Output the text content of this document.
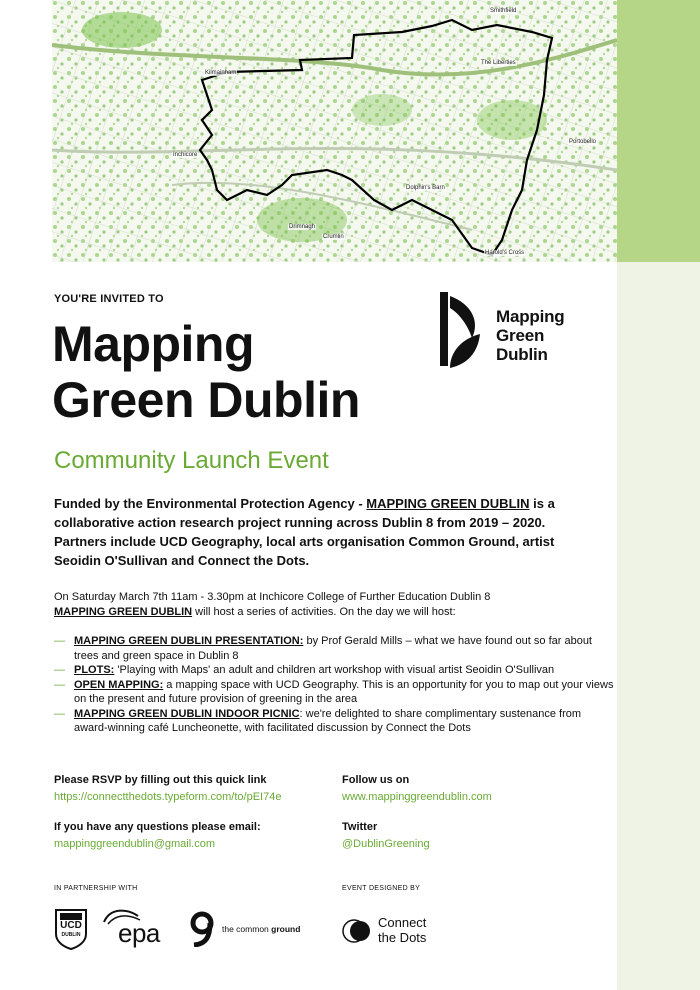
Smithfield
The Liberties
Kilmainham
Inchicore
Portobello
Dolphin's Barn
Drimnagh
Crumlin
Harold's Cross
YOU'RE INVITED TO
Mapping
Green Dublin
Community Launch Event
Mapping
Green
Dublin
Funded by the Environmental Protection Agency - MAPPING GREEN DUBLIN is a collaborative action research project running across Dublin 8 from 2019 – 2020. Partners include UCD Geography, local arts organisation Common Ground, artist Seoidin O'Sullivan and Connect the Dots.
On Saturday March 7th 11am - 3.30pm at Inchicore College of Further Education Dublin 8
MAPPING GREEN DUBLIN will host a series of activities. On the day we will host:
— MAPPING GREEN DUBLIN PRESENTATION: by Prof Gerald Mills – what we have found out so far about trees and green space in Dublin 8
— PLOTS: 'Playing with Maps' an adult and children art workshop with visual artist Seoidin O'Sullivan
— OPEN MAPPING: a mapping space with UCD Geography. This is an opportunity for you to map out your views on the present and future provision of greening in the area
— MAPPING GREEN DUBLIN INDOOR PICNIC: we're delighted to share complimentary sustenance from award-winning café Luncheonette, with facilitated discussion by Connect the Dots
Please RSVP by filling out this quick link
https://connectthedots.typeform.com/to/pEI74e
If you have any questions please email:
mappinggreendublin@gmail.com
Follow us on
www.mappinggreendublin.com
Twitter
@DublinGreening
IN PARTNERSHIP WITH	EVENT DESIGNED BY
UCD
DUBLIN epa	the common ground	Connect
the Dots
